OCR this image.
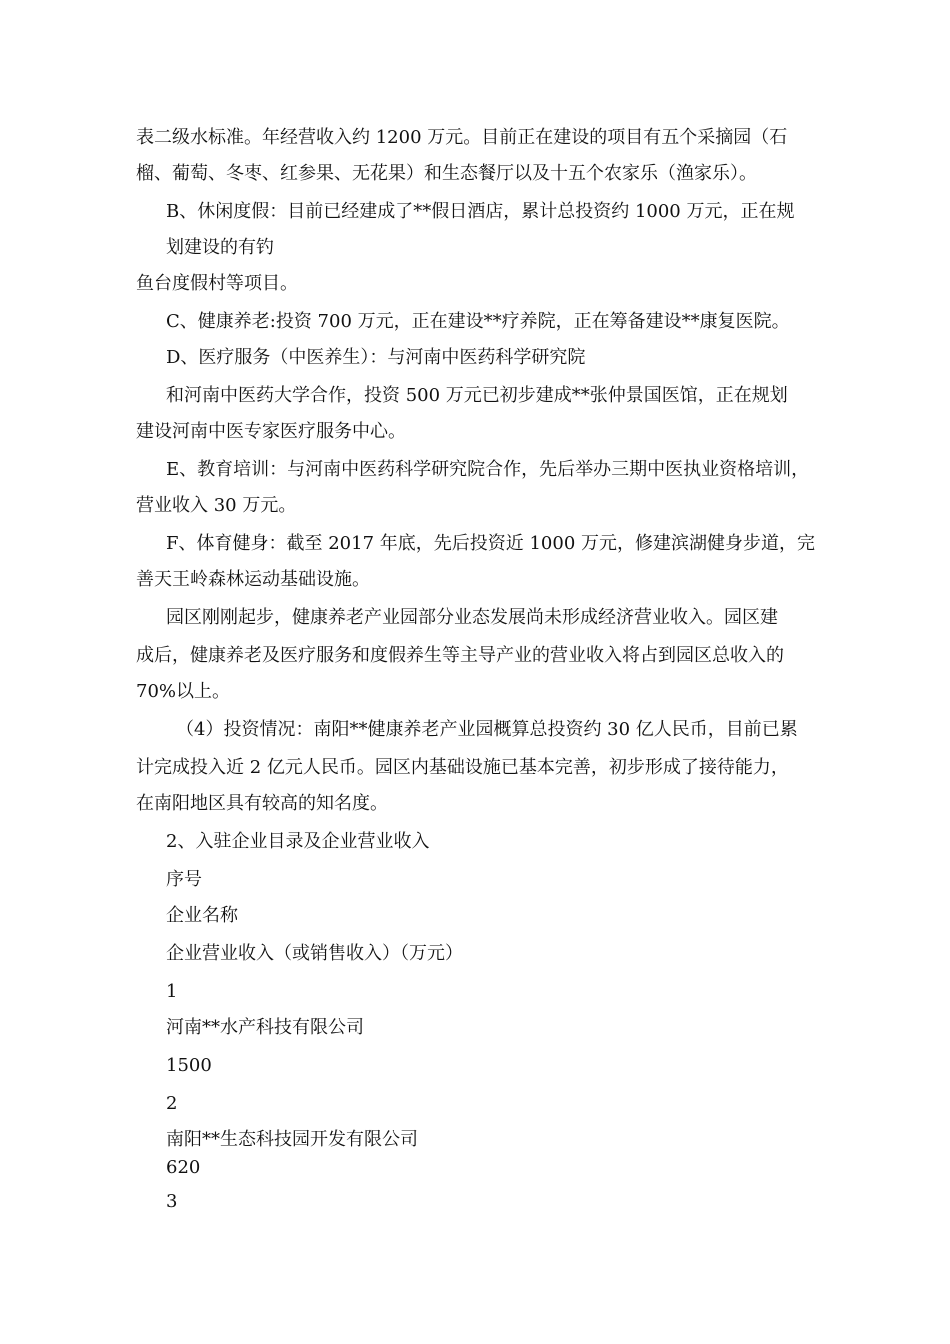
表二级水标准。年经营收入约 1200 万元。目前正在建设的项目有五个采摘园（石
榴、葡萄、冬枣、红参果、无花果）和生态餐厅以及十五个农家乐（渔家乐）。
B、休闲度假：目前已经建成了**假日酒店，累计总投资约 1000 万元，正在规
划建设的有钓
鱼台度假村等项目。
C、健康养老:投资 700 万元，正在建设**疗养院，正在筹备建设**康复医院。
D、医疗服务（中医养生）：与河南中医药科学研究院
和河南中医药大学合作，投资 500 万元已初步建成**张仲景国医馆，正在规划
建设河南中医专家医疗服务中心。
E、教育培训：与河南中医药科学研究院合作，先后举办三期中医执业资格培训，
营业收入 30 万元。
F、体育健身：截至 2017 年底，先后投资近 1000 万元，修建滨湖健身步道，完
善天王岭森林运动基础设施。
园区刚刚起步，健康养老产业园部分业态发展尚未形成经济营业收入。园区建
成后，健康养老及医疗服务和度假养生等主导产业的营业收入将占到园区总收入的
70%以上。
（4）投资情况：南阳**健康养老产业园概算总投资约 30 亿人民币，目前已累
计完成投入近 2 亿元人民币。园区内基础设施已基本完善，初步形成了接待能力，
在南阳地区具有较高的知名度。
2、入驻企业目录及企业营业收入
序号
企业名称
企业营业收入（或销售收入）（万元）
1
河南**水产科技有限公司
1500
2
南阳**生态科技园开发有限公司
620
3
